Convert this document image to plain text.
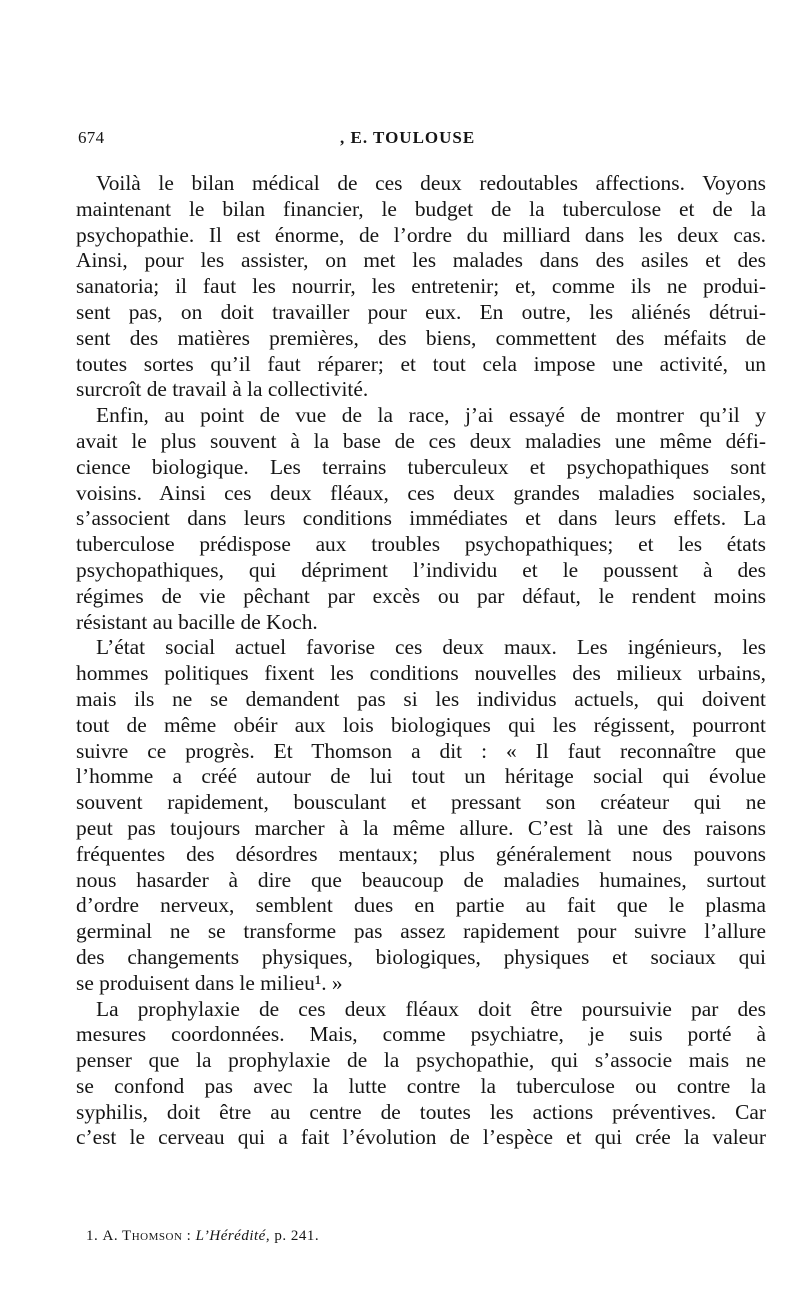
674	, E. TOULOUSE

Voilà le bilan médical de ces deux redoutables affections. Voyons
maintenant le bilan financier, le budget de la tuberculose et de la
psychopathie. Il est énorme, de l’ordre du milliard dans les deux cas.
Ainsi, pour les assister, on met les malades dans des asiles et des
sanatoria; il faut les nourrir, les entretenir; et, comme ils ne produi-
sent pas, on doit travailler pour eux. En outre, les aliénés détrui-
sent des matières premières, des biens, commettent des méfaits de
toutes sortes qu’il faut réparer; et tout cela impose une activité, un
surcroît de travail à la collectivité.

Enfin, au point de vue de la race, j’ai essayé de montrer qu’il y
avait le plus souvent à la base de ces deux maladies une même défi-
cience biologique. Les terrains tuberculeux et psychopathiques sont
voisins. Ainsi ces deux fléaux, ces deux grandes maladies sociales,
s’associent dans leurs conditions immédiates et dans leurs effets. La
tuberculose prédispose aux troubles psychopathiques; et les états
psychopathiques, qui dépriment l’individu et le poussent à des
régimes de vie pêchant par excès ou par défaut, le rendent moins
résistant au bacille de Koch.

L’état social actuel favorise ces deux maux. Les ingénieurs, les
hommes politiques fixent les conditions nouvelles des milieux urbains,
mais ils ne se demandent pas si les individus actuels, qui doivent
tout de même obéir aux lois biologiques qui les régissent, pourront
suivre ce progrès. Et Thomson a dit : « Il faut reconnaître que
l’homme a créé autour de lui tout un héritage social qui évolue
souvent rapidement, bousculant et pressant son créateur qui ne
peut pas toujours marcher à la même allure. C’est là une des raisons
fréquentes des désordres mentaux; plus généralement nous pouvons
nous hasarder à dire que beaucoup de maladies humaines, surtout
d’ordre nerveux, semblent dues en partie au fait que le plasma
germinal ne se transforme pas assez rapidement pour suivre l’allure
des changements physiques, biologiques, physiques et sociaux qui
se produisent dans le milieu¹. »

La prophylaxie de ces deux fléaux doit être poursuivie par des
mesures coordonnées. Mais, comme psychiatre, je suis porté à
penser que la prophylaxie de la psychopathie, qui s’associe mais ne
se confond pas avec la lutte contre la tuberculose ou contre la
syphilis, doit être au centre de toutes les actions préventives. Car
c’est le cerveau qui a fait l’évolution de l’espèce et qui crée la valeur

1. A. Thomson : L’Hérédité, p. 241.
